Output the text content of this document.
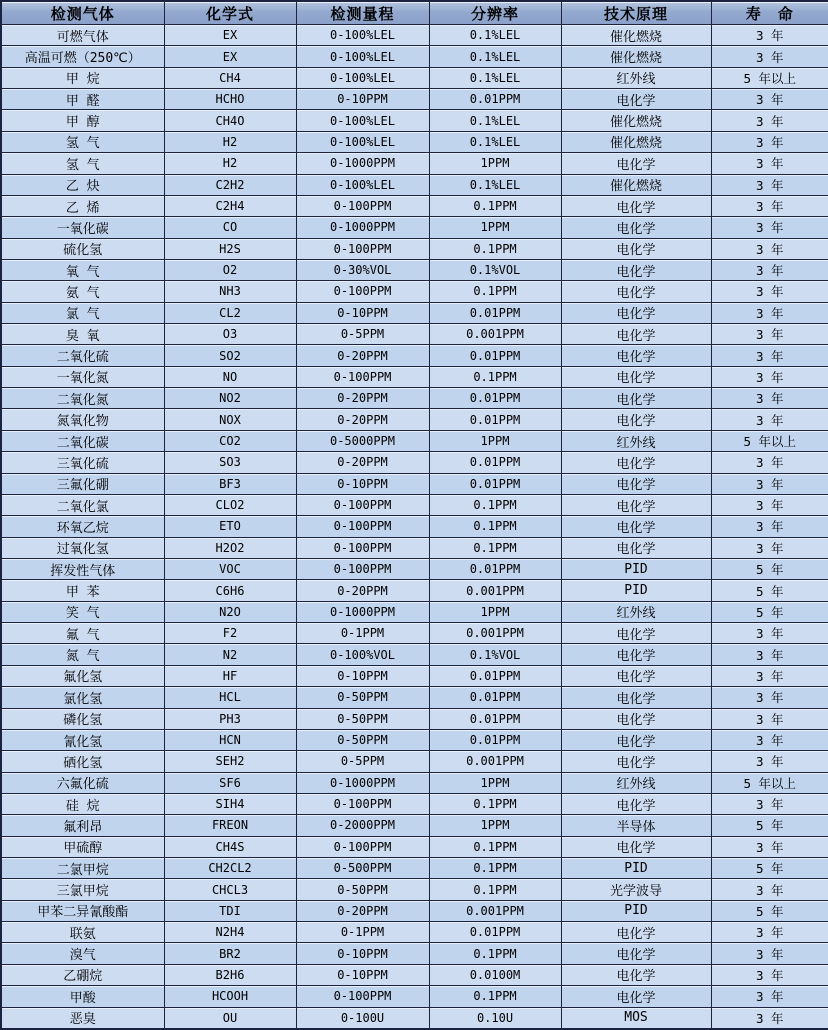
检测气体	化学式	检测量程	分辨率	技术原理	寿　命
可燃气体	EX	0-100%LEL	0.1%LEL	催化燃烧	3 年
高温可燃（250℃）	EX	0-100%LEL	0.1%LEL	催化燃烧	3 年
甲 烷	CH4	0-100%LEL	0.1%LEL	红外线	5 年以上
甲 醛	HCHO	0-10PPM	0.01PPM	电化学	3 年
甲 醇	CH4O	0-100%LEL	0.1%LEL	催化燃烧	3 年
氢 气	H2	0-100%LEL	0.1%LEL	催化燃烧	3 年
氢 气	H2	0-1000PPM	1PPM	电化学	3 年
乙 炔	C2H2	0-100%LEL	0.1%LEL	催化燃烧	3 年
乙 烯	C2H4	0-100PPM	0.1PPM	电化学	3 年
一氧化碳	CO	0-1000PPM	1PPM	电化学	3 年
硫化氢	H2S	0-100PPM	0.1PPM	电化学	3 年
氧 气	O2	0-30%VOL	0.1%VOL	电化学	3 年
氨 气	NH3	0-100PPM	0.1PPM	电化学	3 年
氯 气	CL2	0-10PPM	0.01PPM	电化学	3 年
臭 氧	O3	0-5PPM	0.001PPM	电化学	3 年
二氧化硫	SO2	0-20PPM	0.01PPM	电化学	3 年
一氧化氮	NO	0-100PPM	0.1PPM	电化学	3 年
二氧化氮	NO2	0-20PPM	0.01PPM	电化学	3 年
氮氧化物	NOX	0-20PPM	0.01PPM	电化学	3 年
二氧化碳	CO2	0-5000PPM	1PPM	红外线	5 年以上
三氧化硫	SO3	0-20PPM	0.01PPM	电化学	3 年
三氟化硼	BF3	0-10PPM	0.01PPM	电化学	3 年
二氧化氯	CLO2	0-100PPM	0.1PPM	电化学	3 年
环氧乙烷	ETO	0-100PPM	0.1PPM	电化学	3 年
过氧化氢	H2O2	0-100PPM	0.1PPM	电化学	3 年
挥发性气体	VOC	0-100PPM	0.01PPM	PID	5 年
甲 苯	C6H6	0-20PPM	0.001PPM	PID	5 年
笑 气	N2O	0-1000PPM	1PPM	红外线	5 年
氟 气	F2	0-1PPM	0.001PPM	电化学	3 年
氮 气	N2	0-100%VOL	0.1%VOL	电化学	3 年
氟化氢	HF	0-10PPM	0.01PPM	电化学	3 年
氯化氢	HCL	0-50PPM	0.01PPM	电化学	3 年
磷化氢	PH3	0-50PPM	0.01PPM	电化学	3 年
氰化氢	HCN	0-50PPM	0.01PPM	电化学	3 年
硒化氢	SEH2	0-5PPM	0.001PPM	电化学	3 年
六氟化硫	SF6	0-1000PPM	1PPM	红外线	5 年以上
硅 烷	SIH4	0-100PPM	0.1PPM	电化学	3 年
氟利昂	FREON	0-2000PPM	1PPM	半导体	5 年
甲硫醇	CH4S	0-100PPM	0.1PPM	电化学	3 年
二氯甲烷	CH2CL2	0-500PPM	0.1PPM	PID	5 年
三氯甲烷	CHCL3	0-50PPM	0.1PPM	光学波导	3 年
甲苯二异氰酸酯	TDI	0-20PPM	0.001PPM	PID	5 年
联氨	N2H4	0-1PPM	0.01PPM	电化学	3 年
溴气	BR2	0-10PPM	0.1PPM	电化学	3 年
乙硼烷	B2H6	0-10PPM	0.0100M	电化学	3 年
甲酸	HCOOH	0-100PPM	0.1PPM	电化学	3 年
恶臭	OU	0-100U	0.10U	MOS	3 年
